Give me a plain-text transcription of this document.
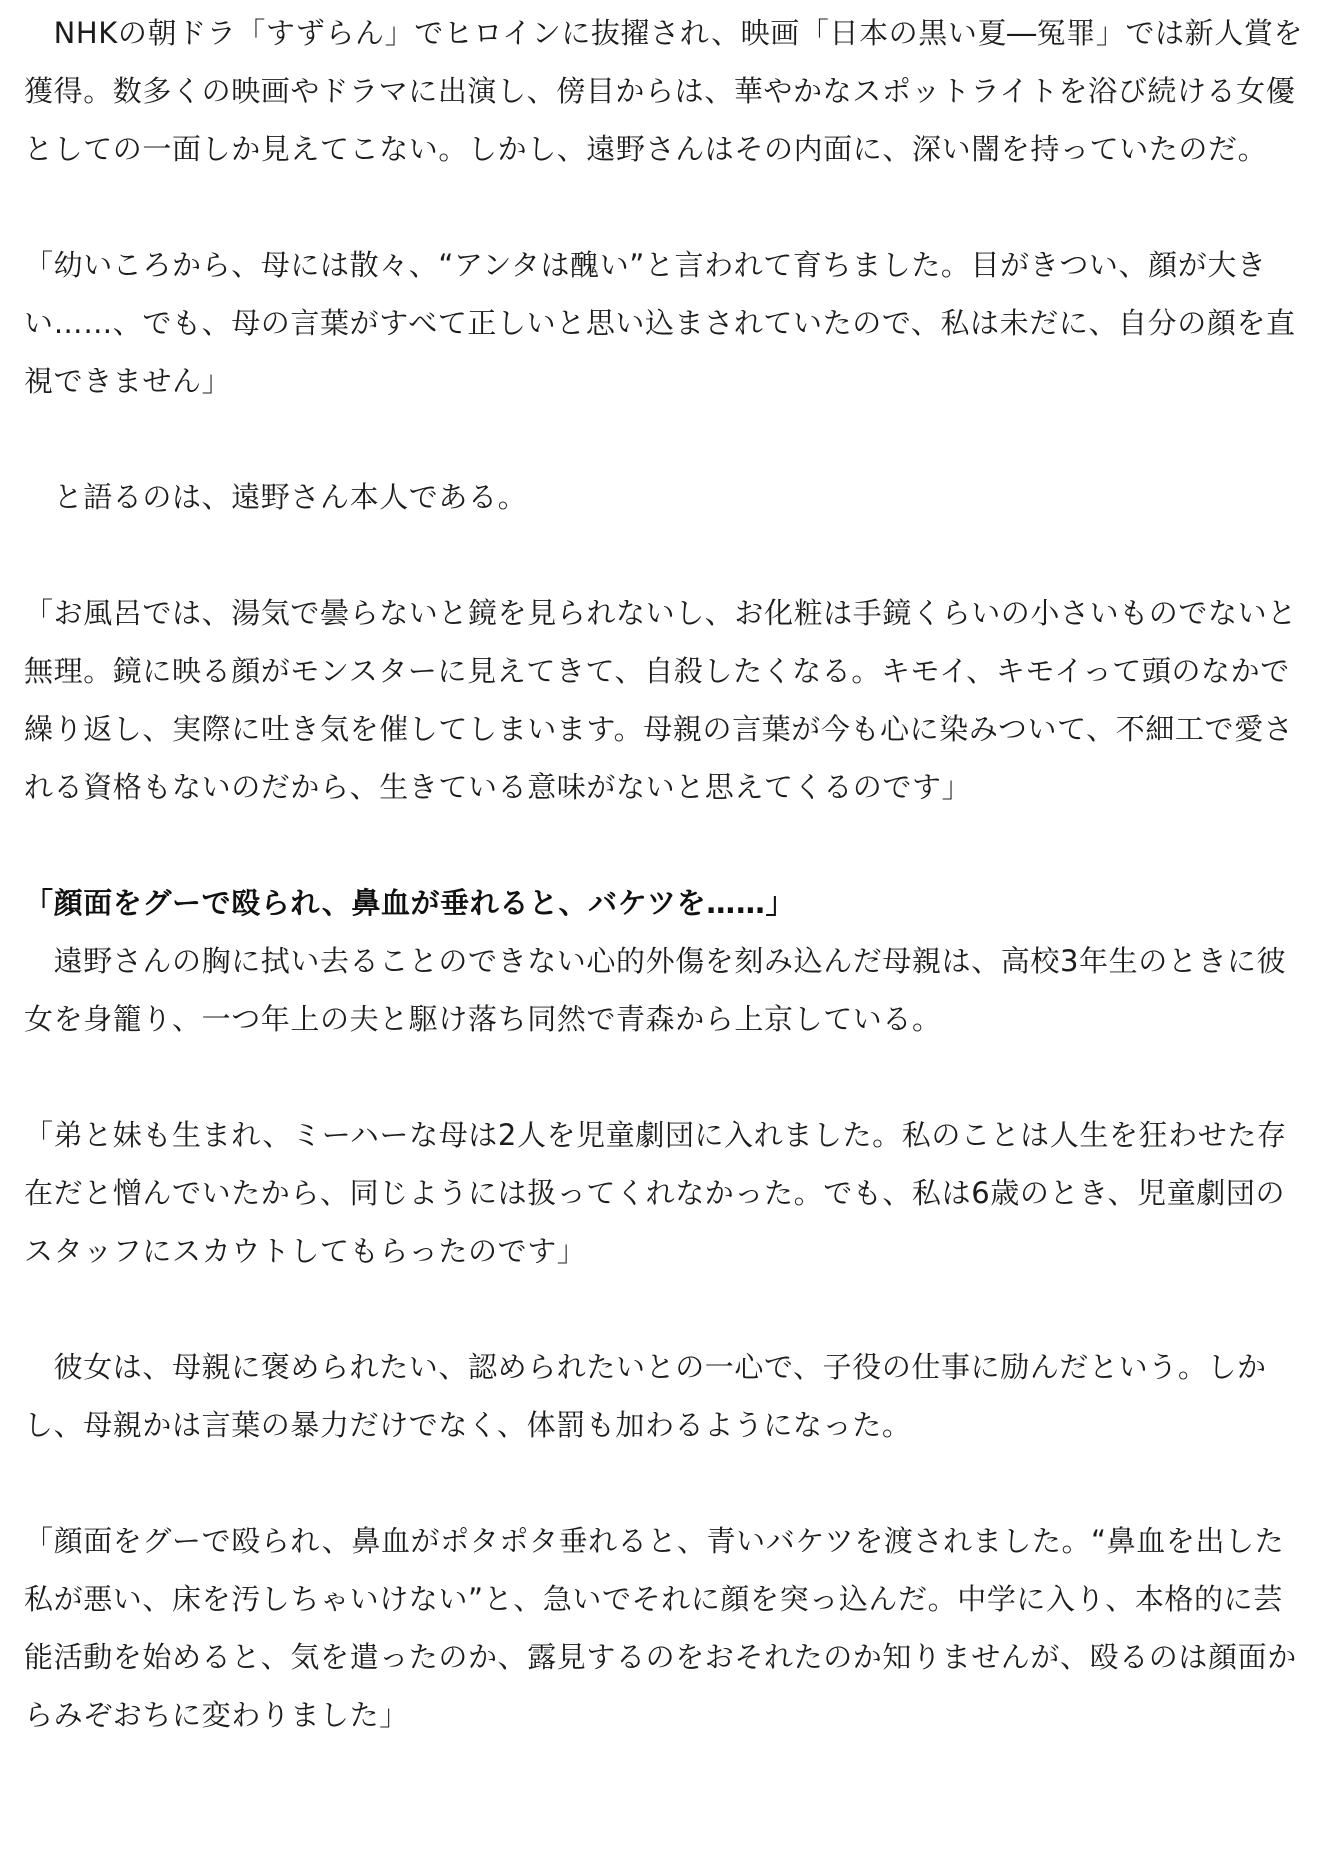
　NHKの朝ドラ「すずらん」でヒロインに抜擢され、映画「日本の黒い夏―冤罪」では新人賞を獲得。数多くの映画やドラマに出演し、傍目からは、華やかなスポットライトを浴び続ける女優としての一面しか見えてこない。しかし、遠野さんはその内面に、深い闇を持っていたのだ。

「幼いころから、母には散々、“アンタは醜い”と言われて育ちました。目がきつい、顔が大きい……、でも、母の言葉がすべて正しいと思い込まされていたので、私は未だに、自分の顔を直視できません」

　と語るのは、遠野さん本人である。

「お風呂では、湯気で曇らないと鏡を見られないし、お化粧は手鏡くらいの小さいものでないと無理。鏡に映る顔がモンスターに見えてきて、自殺したくなる。キモイ、キモイって頭のなかで繰り返し、実際に吐き気を催してしまいます。母親の言葉が今も心に染みついて、不細工で愛される資格もないのだから、生きている意味がないと思えてくるのです」

「顔面をグーで殴られ、鼻血が垂れると、バケツを……」

　遠野さんの胸に拭い去ることのできない心的外傷を刻み込んだ母親は、高校3年生のときに彼女を身籠り、一つ年上の夫と駆け落ち同然で青森から上京している。

「弟と妹も生まれ、ミーハーな母は2人を児童劇団に入れました。私のことは人生を狂わせた存在だと憎んでいたから、同じようには扱ってくれなかった。でも、私は6歳のとき、児童劇団のスタッフにスカウトしてもらったのです」

　彼女は、母親に褒められたい、認められたいとの一心で、子役の仕事に励んだという。しかし、母親かは言葉の暴力だけでなく、体罰も加わるようになった。

「顔面をグーで殴られ、鼻血がポタポタ垂れると、青いバケツを渡されました。“鼻血を出した私が悪い、床を汚しちゃいけない”と、急いでそれに顔を突っ込んだ。中学に入り、本格的に芸能活動を始めると、気を遣ったのか、露見するのをおそれたのか知りませんが、殴るのは顔面からみぞおちに変わりました」
